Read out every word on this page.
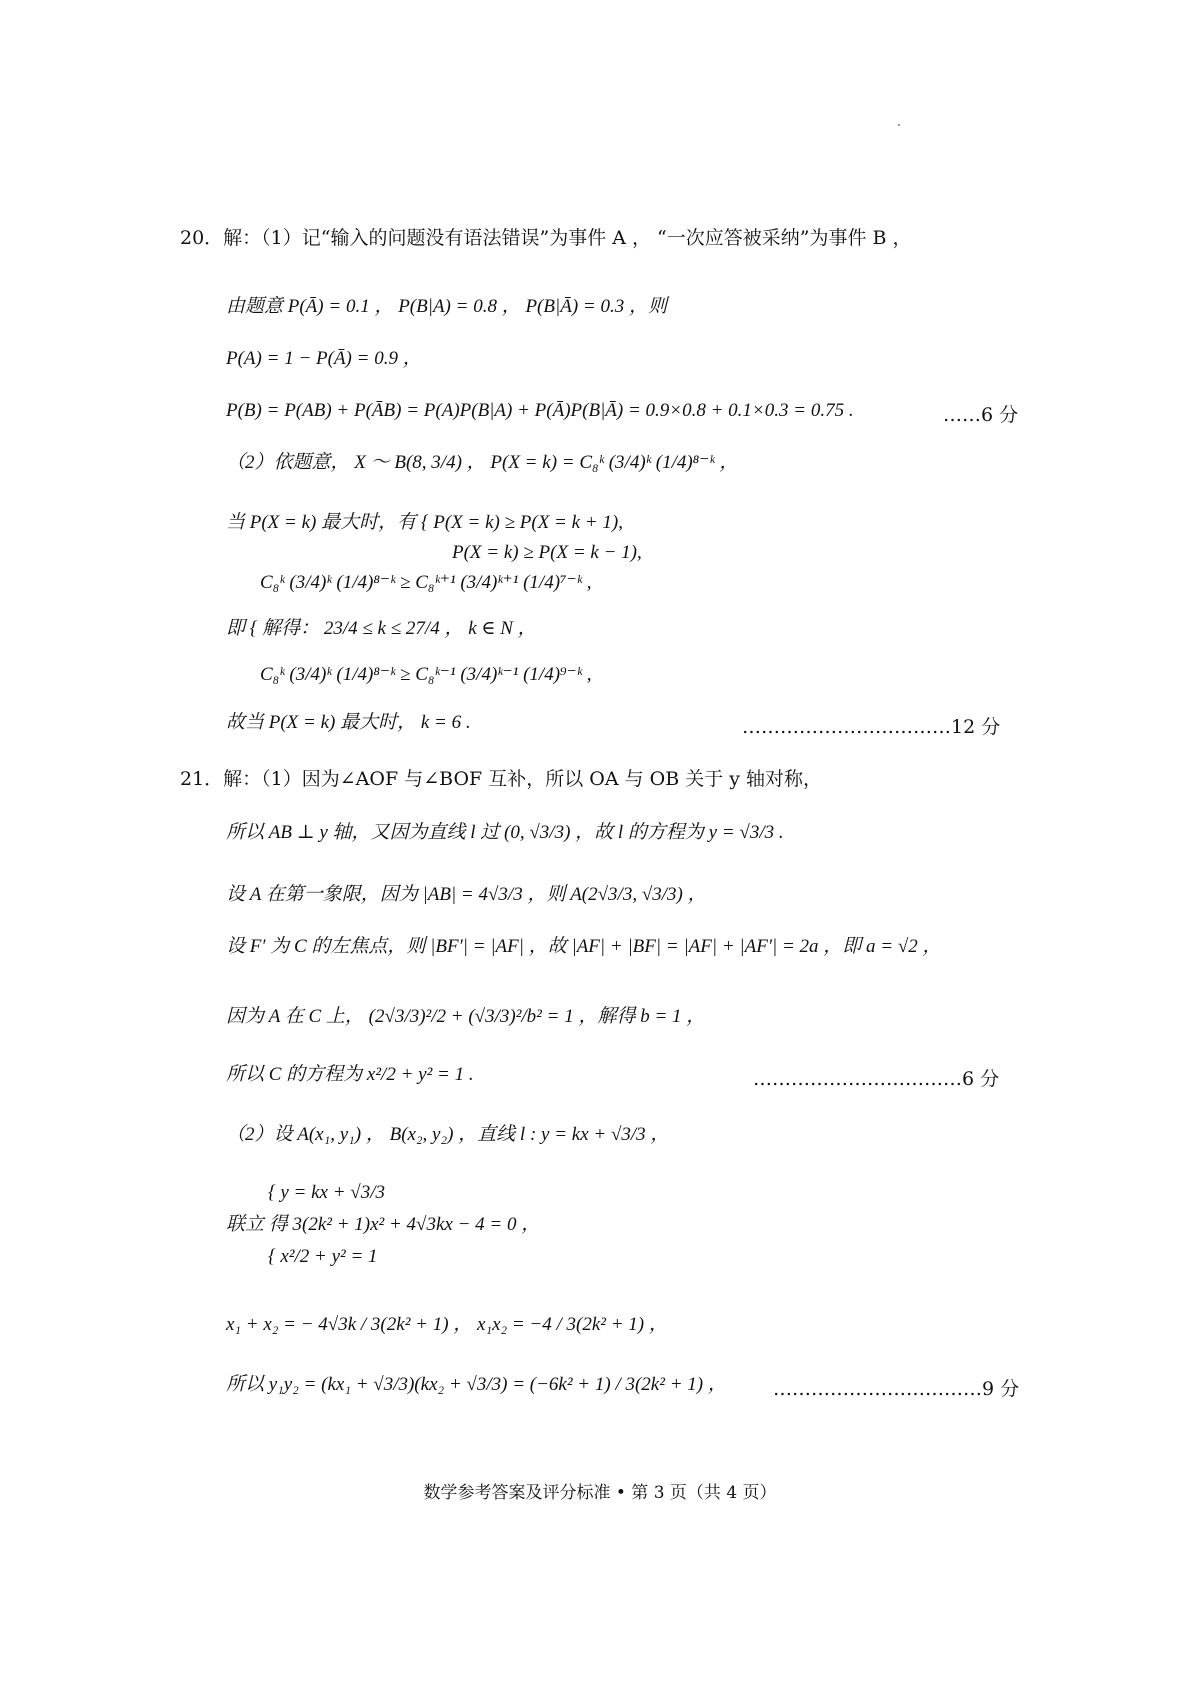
20．解：（1）记“输入的问题没有语法错误”为事件 A ， “一次应答被采纳”为事件 B ，
由题意 P(Ā) = 0.1 ， P(B|A) = 0.8 ， P(B|Ā) = 0.3 ，则
P(A) = 1 − P(Ā) = 0.9 ，
P(B) = P(AB) + P(ĀB) = P(A)P(B|A) + P(Ā)P(B|Ā) = 0.9×0.8 + 0.1×0.3 = 0.75 .	……6 分
（2）依题意， X ～ B(8, 3/4) ， P(X = k) = C₈ᵏ (3/4)ᵏ (1/4)⁸⁻ᵏ ，
当 P(X = k) 最大时，有 { P(X = k) ≥ P(X = k + 1),
P(X = k) ≥ P(X = k − 1),
C₈ᵏ (3/4)ᵏ (1/4)⁸⁻ᵏ ≥ C₈ᵏ⁺¹ (3/4)ᵏ⁺¹ (1/4)⁷⁻ᵏ ,
即 { 解得： 23/4 ≤ k ≤ 27/4 ， k ∈ N ，
C₈ᵏ (3/4)ᵏ (1/4)⁸⁻ᵏ ≥ C₈ᵏ⁻¹ (3/4)ᵏ⁻¹ (1/4)⁹⁻ᵏ ,
故当 P(X = k) 最大时， k = 6 .	……………………………12 分
21．解：（1）因为∠AOF 与∠BOF 互补，所以 OA 与 OB 关于 y 轴对称，
所以 AB ⊥ y 轴，又因为直线 l 过 (0, √3/3) ，故 l 的方程为 y = √3/3 .
设 A 在第一象限，因为 |AB| = 4√3/3 ，则 A(2√3/3, √3/3) ，
设 F′ 为 C 的左焦点，则 |BF′| = |AF| ，故 |AF| + |BF| = |AF| + |AF′| = 2a ，即 a = √2 ，
因为 A 在 C 上， (2√3/3)²/2 + (√3/3)²/b² = 1 ，解得 b = 1 ，
所以 C 的方程为 x²/2 + y² = 1 .	……………………………6 分
（2）设 A(x₁, y₁) ， B(x₂, y₂) ，直线 l : y = kx + √3/3 ，
{ y = kx + √3/3
联立 得 3(2k² + 1)x² + 4√3kx − 4 = 0 ，
{ x²/2 + y² = 1
x₁ + x₂ = − 4√3k / 3(2k² + 1) ， x₁x₂ = −4 / 3(2k² + 1) ，
所以 y₁y₂ = (kx₁ + √3/3)(kx₂ + √3/3) = (−6k² + 1) / 3(2k² + 1) ， ……………………………9 分
数学参考答案及评分标准 • 第 3 页（共 4 页）
